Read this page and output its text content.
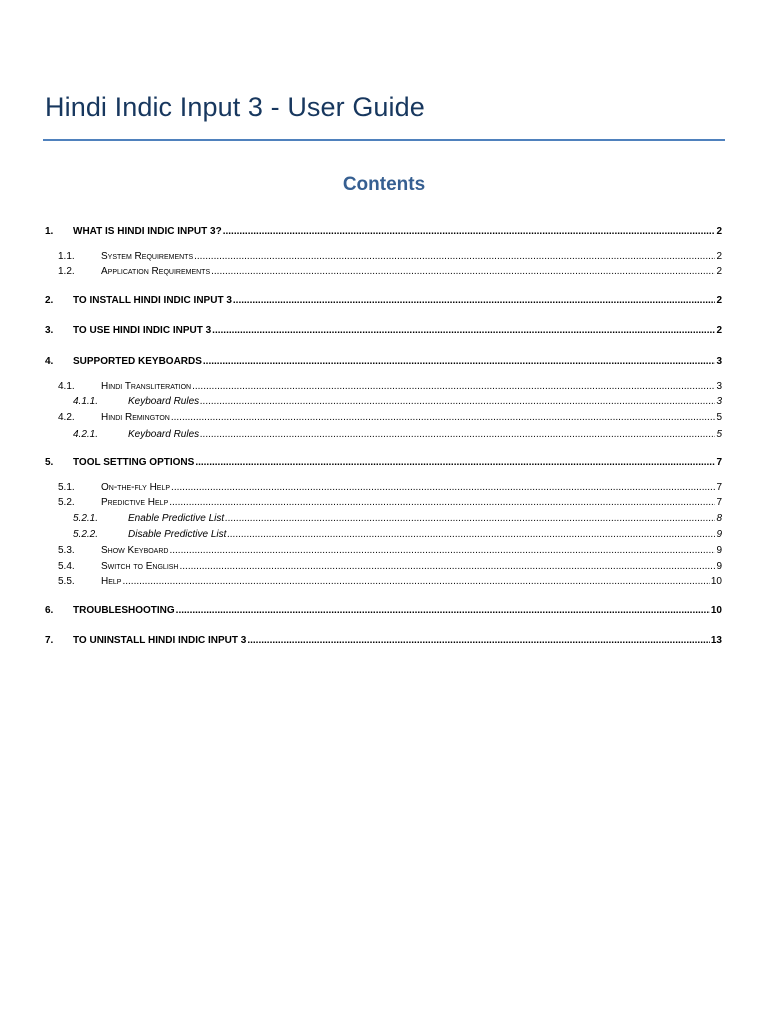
Hindi Indic Input 3 - User Guide
Contents
1.	WHAT IS HINDI INDIC INPUT 3? .....	2
1.1.	System Requirements .....	2
1.2.	Application Requirements .....	2
2.	TO INSTALL HINDI INDIC INPUT 3 .....	2
3.	TO USE HINDI INDIC INPUT 3 .....	2
4.	SUPPORTED KEYBOARDS .....	3
4.1.	Hindi Transliteration .....	3
4.1.1.	Keyboard Rules .....	3
4.2.	Hindi Remington .....	5
4.2.1.	Keyboard Rules .....	5
5.	TOOL SETTING OPTIONS .....	7
5.1.	On-the-fly Help .....	7
5.2.	Predictive Help .....	7
5.2.1.	Enable Predictive List .....	8
5.2.2.	Disable Predictive List .....	9
5.3.	Show Keyboard .....	9
5.4.	Switch to English .....	9
5.5.	Help .....	10
6.	TROUBLESHOOTING .....	10
7.	TO UNINSTALL HINDI INDIC INPUT 3 .....	13
